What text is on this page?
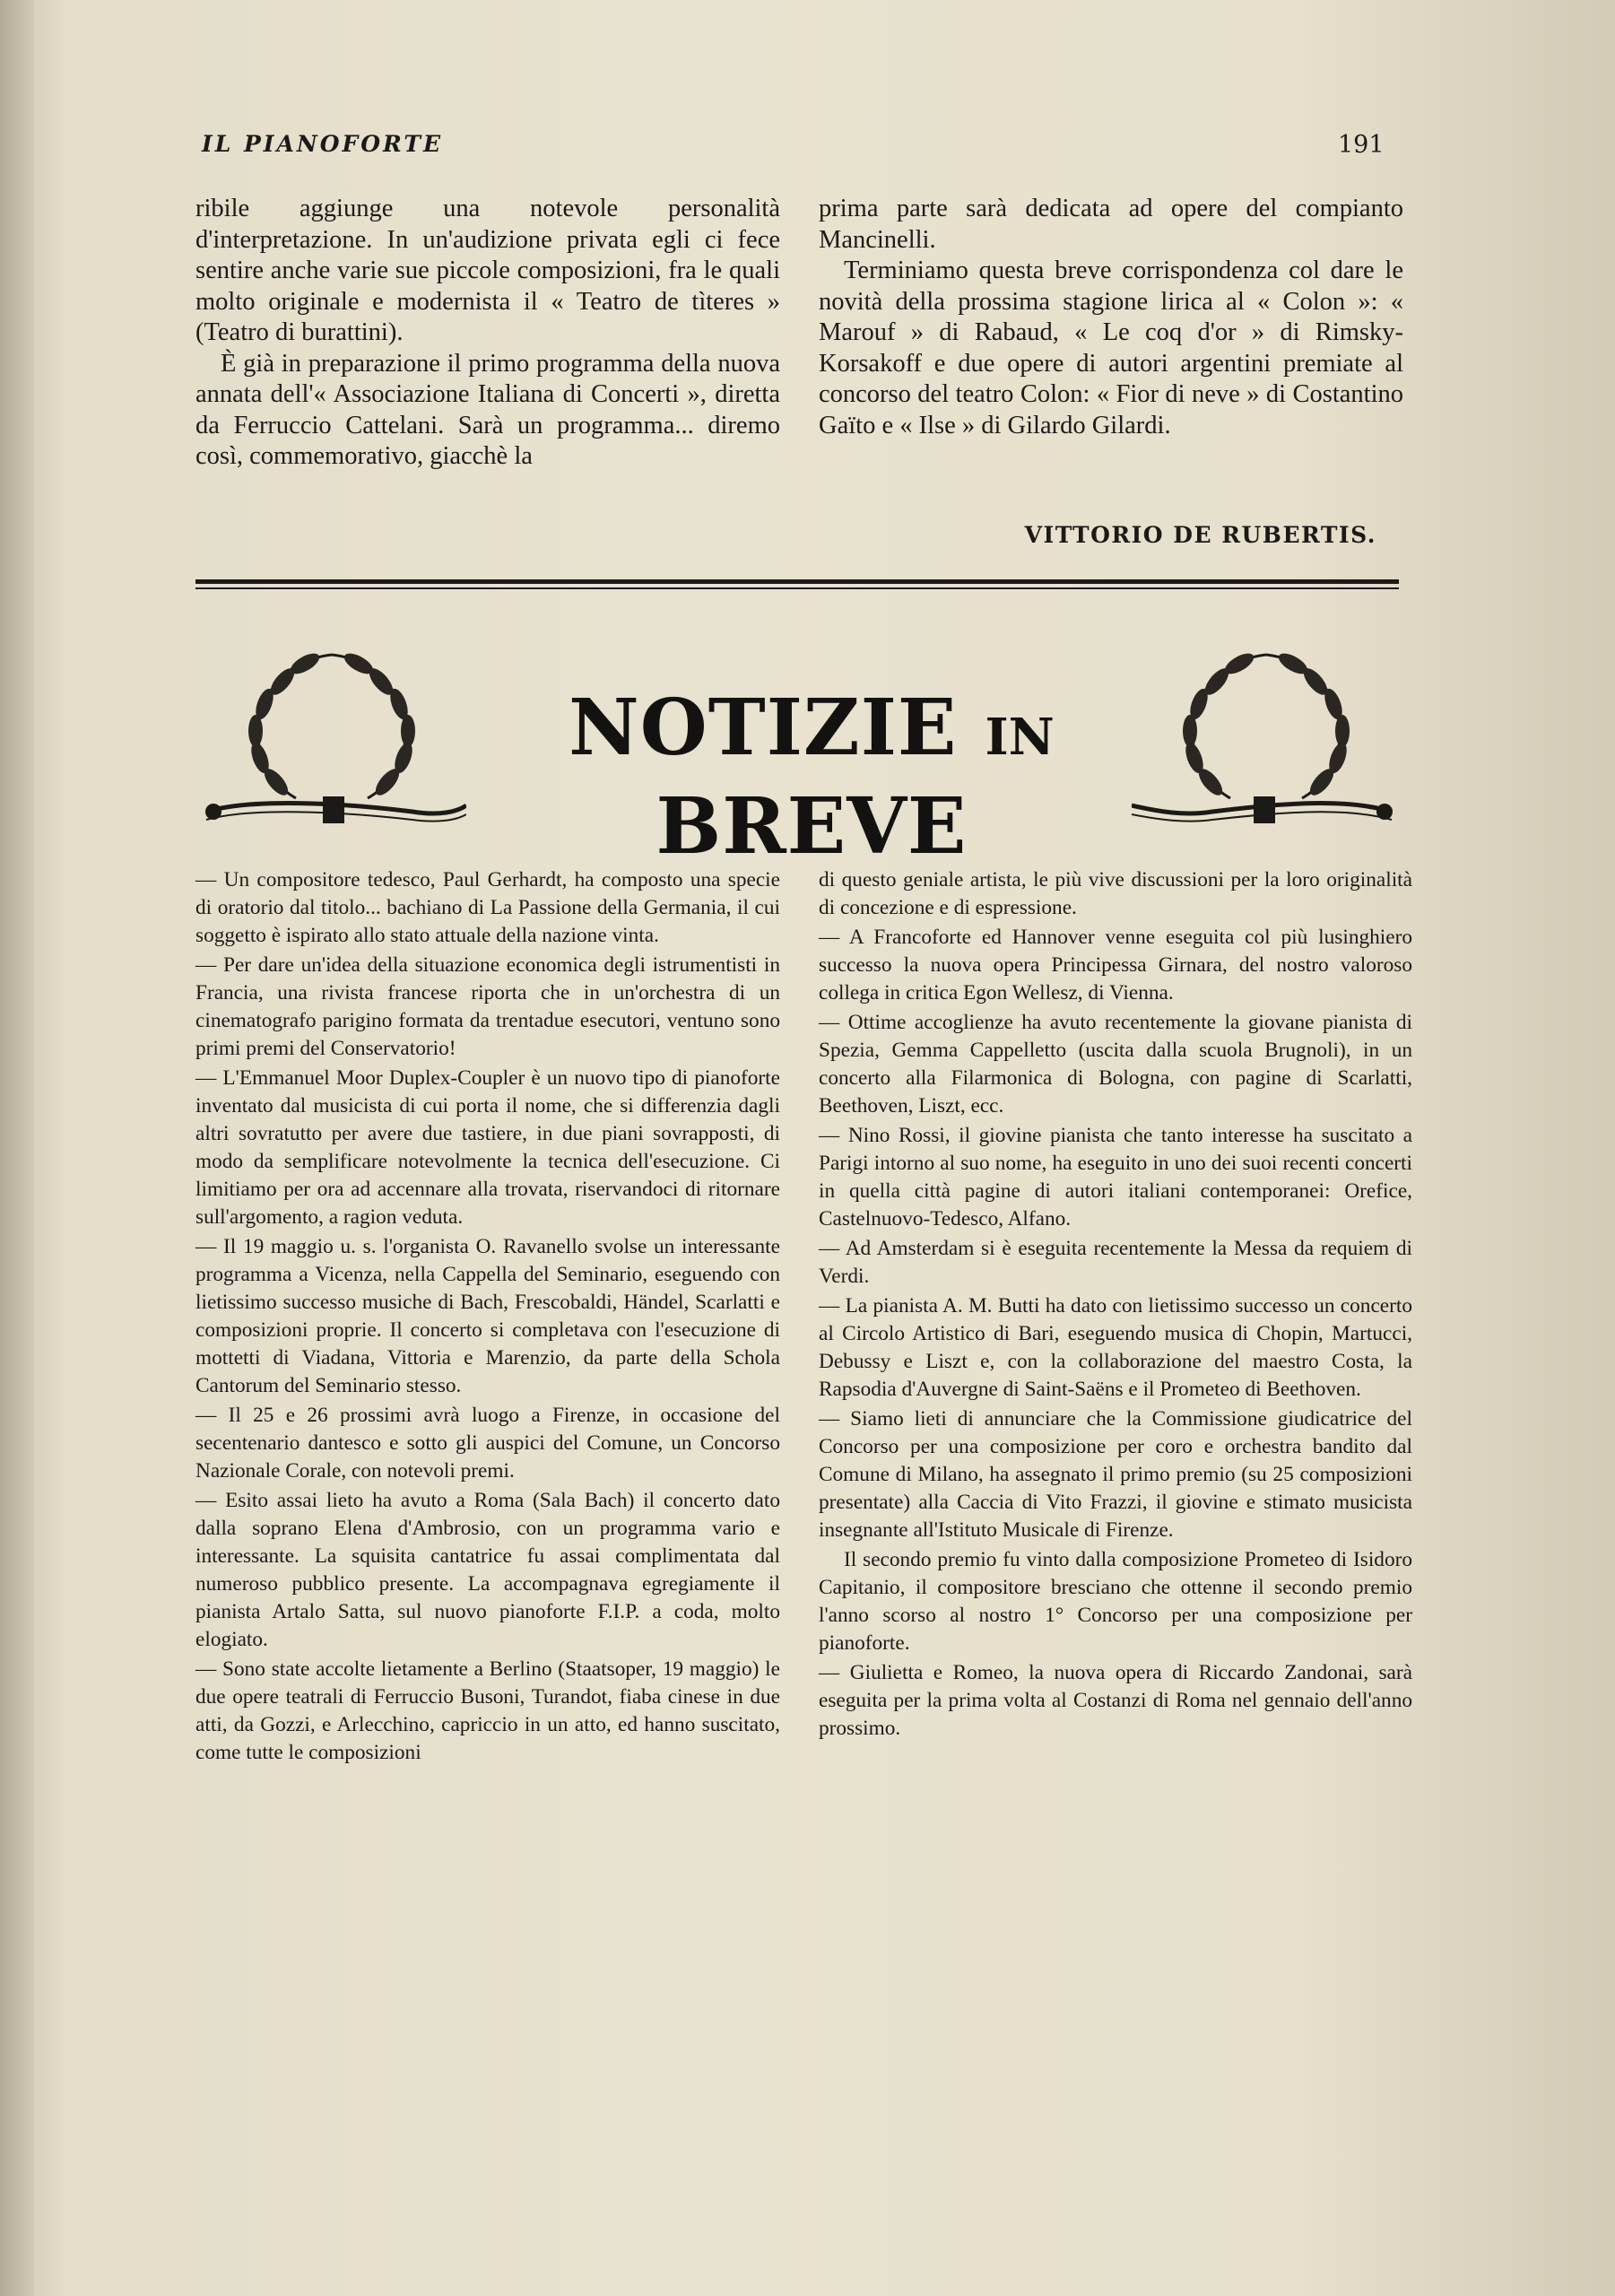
IL PIANOFORTE	191

ribile aggiunge una notevole personalità d'interpretazione. In un'audizione privata egli ci fece sentire anche varie sue piccole composizioni, fra le quali molto originale e modernista il « Teatro de tìteres » (Teatro di burattini).

È già in preparazione il primo programma della nuova annata dell'« Associazione Italiana di Concerti », diretta da Ferruccio Cattelani. Sarà un programma... diremo così, commemorativo, giacchè la

prima parte sarà dedicata ad opere del compianto Mancinelli.

Terminiamo questa breve corrispondenza col dare le novità della prossima stagione lirica al « Colon »: « Marouf » di Rabaud, « Le coq d'or » di Rimsky-Korsakoff e due opere di autori argentini premiate al concorso del teatro Colon: « Fior di neve » di Costantino Gaïto e « Ilse » di Gilardo Gilardi.

VITTORIO DE RUBERTIS.
NOTIZIE IN BREVE

— Un compositore tedesco, Paul Gerhardt, ha composto una specie di oratorio dal titolo... bachiano di La Passione della Germania, il cui soggetto è ispirato allo stato attuale della nazione vinta.

— Per dare un'idea della situazione economica degli istrumentisti in Francia, una rivista francese riporta che in un'orchestra di un cinematografo parigino formata da trentadue esecutori, ventuno sono primi premi del Conservatorio!

— L'Emmanuel Moor Duplex-Coupler è un nuovo tipo di pianoforte inventato dal musicista di cui porta il nome, che si differenzia dagli altri sovratutto per avere due tastiere, in due piani sovrapposti, di modo da semplificare notevolmente la tecnica dell'esecuzione. Ci limitiamo per ora ad accennare alla trovata, riservandoci di ritornare sull'argomento, a ragion veduta.

— Il 19 maggio u. s. l'organista O. Ravanello svolse un interessante programma a Vicenza, nella Cappella del Seminario, eseguendo con lietissimo successo musiche di Bach, Frescobaldi, Händel, Scarlatti e composizioni proprie. Il concerto si completava con l'esecuzione di mottetti di Viadana, Vittoria e Marenzio, da parte della Schola Cantorum del Seminario stesso.

— Il 25 e 26 prossimi avrà luogo a Firenze, in occasione del secentenario dantesco e sotto gli auspici del Comune, un Concorso Nazionale Corale, con notevoli premi.

— Esito assai lieto ha avuto a Roma (Sala Bach) il concerto dato dalla soprano Elena d'Ambrosio, con un programma vario e interessante. La squisita cantatrice fu assai complimentata dal numeroso pubblico presente. La accompagnava egregiamente il pianista Artalo Satta, sul nuovo pianoforte F.I.P. a coda, molto elogiato.

— Sono state accolte lietamente a Berlino (Staatsoper, 19 maggio) le due opere teatrali di Ferruccio Busoni, Turandot, fiaba cinese in due atti, da Gozzi, e Arlecchino, capriccio in un atto, ed hanno suscitato, come tutte le composizioni

di questo geniale artista, le più vive discussioni per la loro originalità di concezione e di espressione.

— A Francoforte ed Hannover venne eseguita col più lusinghiero successo la nuova opera Principessa Girnara, del nostro valoroso collega in critica Egon Wellesz, di Vienna.

— Ottime accoglienze ha avuto recentemente la giovane pianista di Spezia, Gemma Cappelletto (uscita dalla scuola Brugnoli), in un concerto alla Filarmonica di Bologna, con pagine di Scarlatti, Beethoven, Liszt, ecc.

— Nino Rossi, il giovine pianista che tanto interesse ha suscitato a Parigi intorno al suo nome, ha eseguito in uno dei suoi recenti concerti in quella città pagine di autori italiani contemporanei: Orefice, Castelnuovo-Tedesco, Alfano.

— Ad Amsterdam si è eseguita recentemente la Messa da requiem di Verdi.

— La pianista A. M. Butti ha dato con lietissimo successo un concerto al Circolo Artistico di Bari, eseguendo musica di Chopin, Martucci, Debussy e Liszt e, con la collaborazione del maestro Costa, la Rapsodia d'Auvergne di Saint-Saëns e il Prometeo di Beethoven.

— Siamo lieti di annunciare che la Commissione giudicatrice del Concorso per una composizione per coro e orchestra bandito dal Comune di Milano, ha assegnato il primo premio (su 25 composizioni presentate) alla Caccia di Vito Frazzi, il giovine e stimato musicista insegnante all'Istituto Musicale di Firenze.

Il secondo premio fu vinto dalla composizione Prometeo di Isidoro Capitanio, il compositore bresciano che ottenne il secondo premio l'anno scorso al nostro 1° Concorso per una composizione per pianoforte.

— Giulietta e Romeo, la nuova opera di Riccardo Zandonai, sarà eseguita per la prima volta al Costanzi di Roma nel gennaio dell'anno prossimo.
